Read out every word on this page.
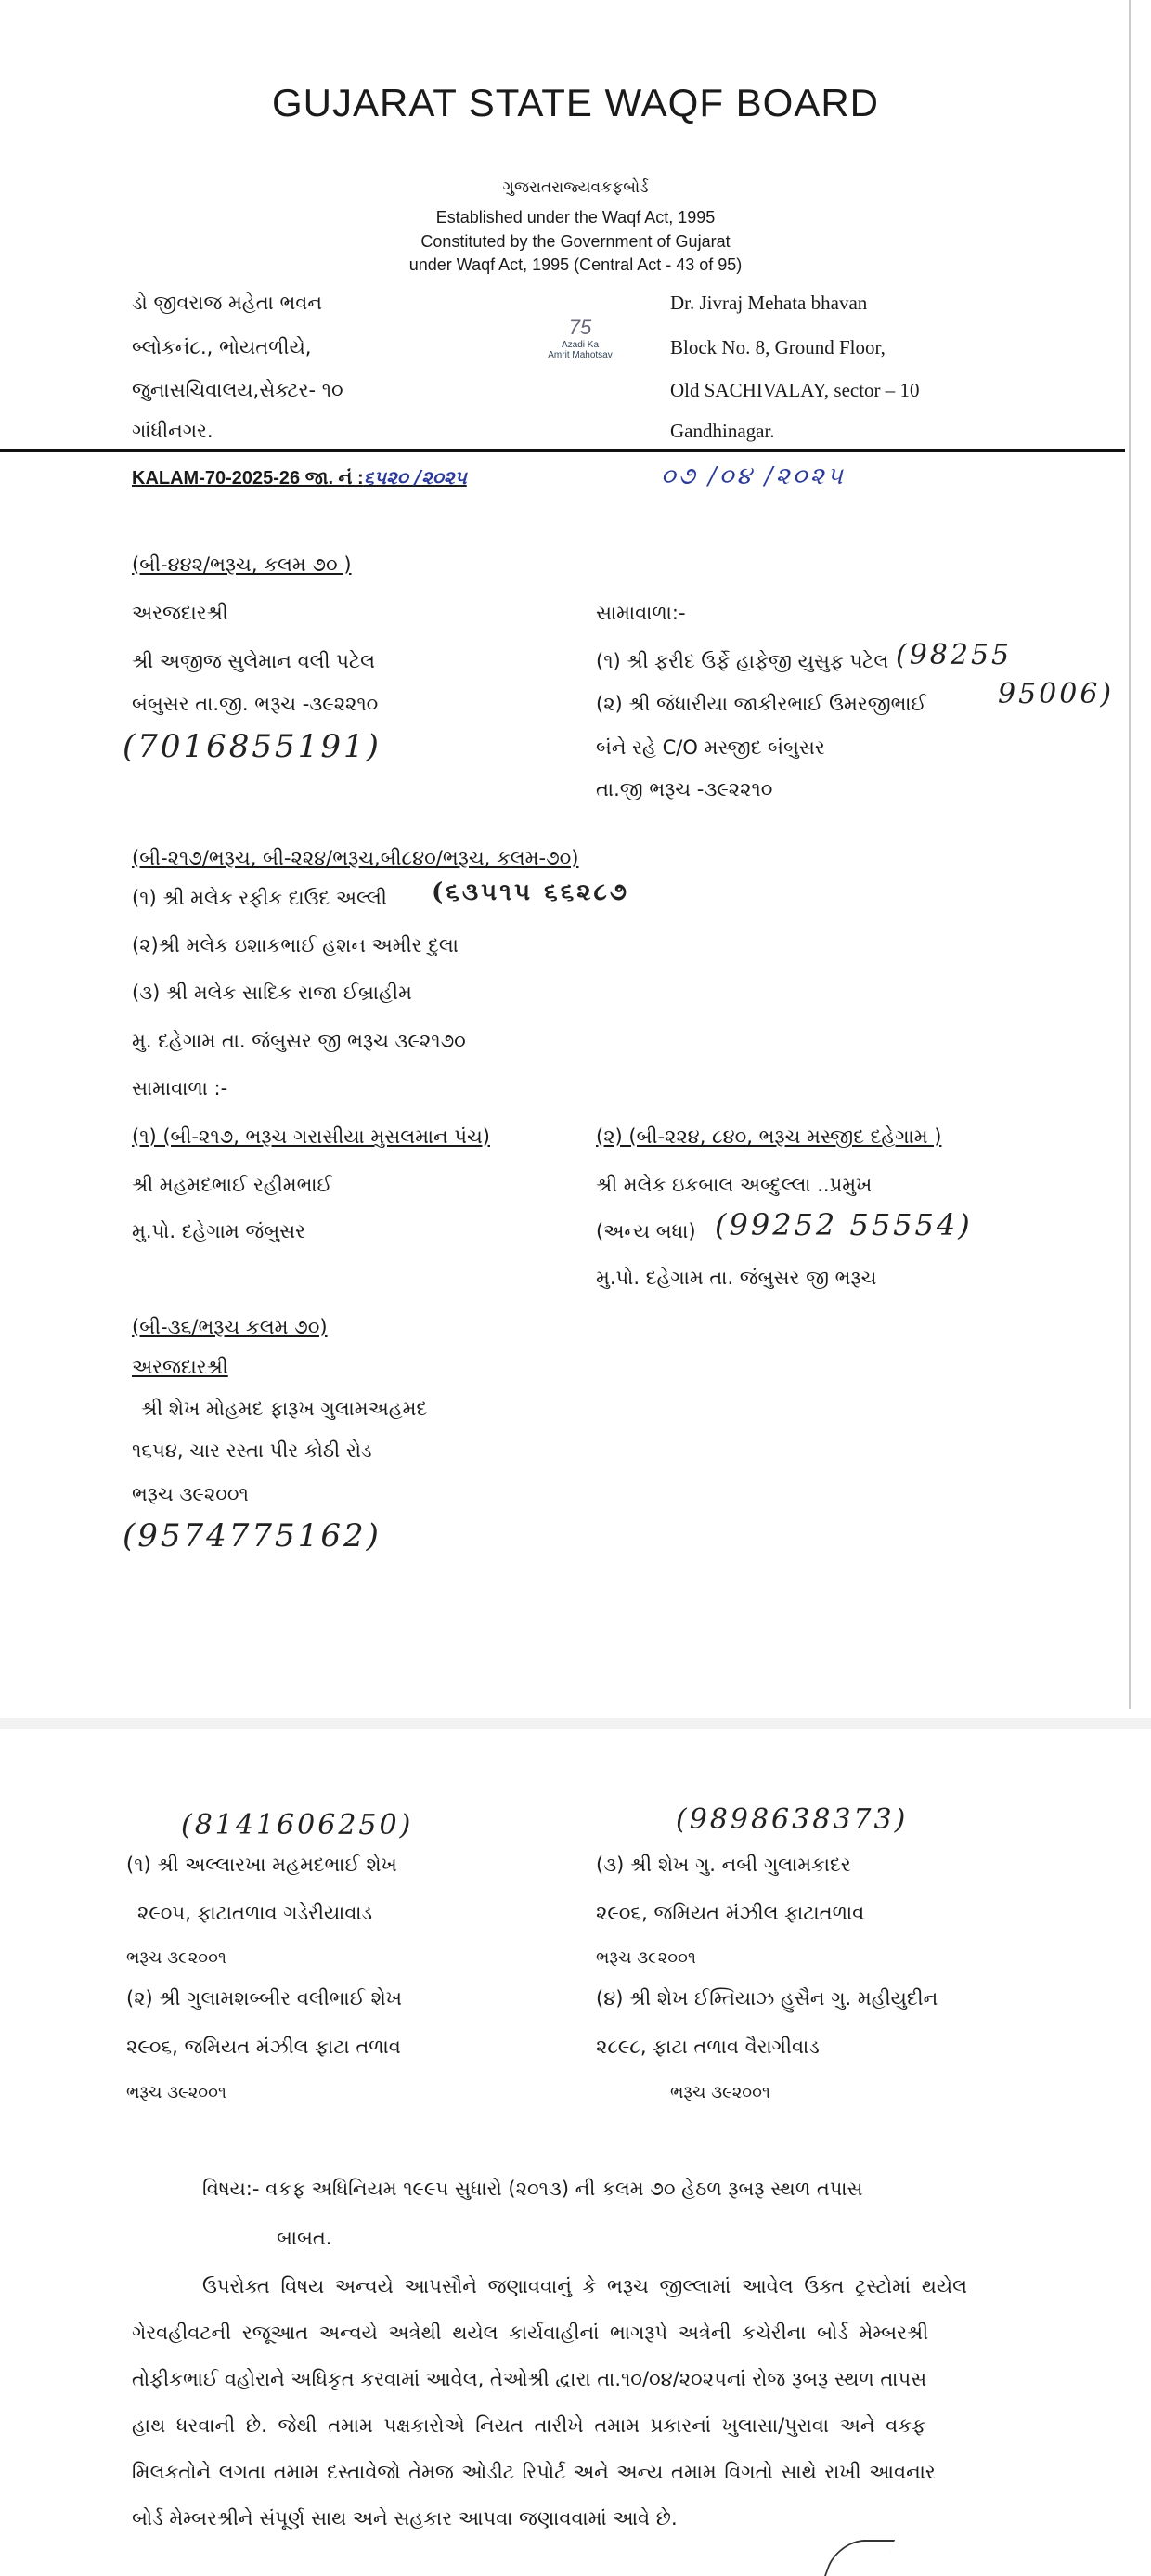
GUJARAT STATE WAQF BOARD
ગુજરાતરાજ્યવકફબોર્ડ
Established under the Waqf Act, 1995
Constituted by the Government of Gujarat
under Waqf Act, 1995 (Central Act - 43 of 95)
ડો જીવરાજ મહેતા ભવન
બ્લોકનં૮., ભોયતળીયે,
જુનાસચિવાલય,સેક્ટર- ૧૦
ગાંધીનગર.
75
Azadi Ka
Amrit Mahotsav
Dr. Jivraj Mehata bhavan
Block No. 8, Ground Floor,
Old SACHIVALAY, sector – 10
Gandhinagar.
KALAM-70-2025-26 જા. નં :૬૫૨૦ /૨૦૨૫	૦૭ /૦૪ /૨૦૨૫
(બી-૪૪૨/ભરૂચ, કલમ ૭૦ )
અરજદારશ્રી
શ્રી અજીજ સુલેમાન વલી પટેલ
બંબુસર તા.જી. ભરૂચ -૩૯૨૨૧૦
(7016855191)
સામાવાળા:-
(૧) શ્રી ફરીદ ઉર્ફે હાફેજી યુસુફ પટેલ (98255
(૨) શ્રી જંધારીયા જાકીરભાઈ ઉમરજીભાઈ	95006)
બંને રહે C/O મસ્જીદ બંબુસર
તા.જી ભરૂચ -૩૯૨૨૧૦
(બી-૨૧૭/ભરૂચ, બી-૨૨૪/ભરૂચ,બી૮૪૦/ભરૂચ, કલમ-૭૦)
(૧) શ્રી મલેક રફીક દાઉદ અલ્લી (૬૩૫૧૫ ૬૬૨૮૭
(૨)શ્રી મલેક ઇશાકભાઈ હશન અમીર દુલા
(૩) શ્રી મલેક સાદિક રાજા ઈબ્રાહીમ
મુ. દહેગામ તા. જંબુસર જી ભરૂચ ૩૯૨૧૭૦
સામાવાળા :-
(૧) (બી-૨૧૭, ભરૂચ ગરાસીયા મુસલમાન પંચ)
શ્રી મહમદભાઈ રહીમભાઈ
મુ.પો. દહેગામ જંબુસર
(૨) (બી-૨૨૪, ૮૪૦, ભરૂચ મસ્જીદ દહેગામ )
શ્રી મલેક ઇકબાલ અબ્દુલ્લા ..પ્રમુખ
(અન્ય બધા) (99252 55554)
મુ.પો. દહેગામ તા. જંબુસર જી ભરૂચ
(બી-૩૬/ભરૂચ કલમ ૭૦)
અરજદારશ્રી
શ્રી શેખ મોહમદ ફારૂખ ગુલામઅહમદ
૧૬૫૪, ચાર રસ્તા પીર કોઠી રોડ
ભરૂચ ૩૯૨૦૦૧
(9574775162)
(8141606250)	(9898638373)
(૧) શ્રી અલ્લારખા મહમદભાઈ શેખ
૨૯૦૫, ફાટાતળાવ ગડેરીયાવાડ
ભરૂચ ૩૯૨૦૦૧
(૨) શ્રી ગુલામશબ્બીર વલીભાઈ શેખ
૨૯૦૬, જમિયત મંઝીલ ફાટા તળાવ
ભરૂચ ૩૯૨૦૦૧
(૩) શ્રી શેખ ગુ. નબી ગુલામકાદર
૨૯૦૬, જમિયત મંઝીલ ફાટાતળાવ
ભરૂચ ૩૯૨૦૦૧
(૪) શ્રી શેખ ઈમ્તિયાઝ હુસૈન ગુ. મહીયુદીન
૨૮૯૮, ફાટા તળાવ વૈરાગીવાડ
ભરૂચ ૩૯૨૦૦૧
વિષય:- વકફ અધિનિયમ ૧૯૯૫ સુધારો (૨૦૧૩) ની કલમ ૭૦ હેઠળ રૂબરૂ સ્થળ તપાસ
બાબત.
ઉપરોક્ત વિષય અન્વયે આપસૌને જણાવવાનું કે ભરૂચ જીલ્લામાં આવેલ ઉક્ત ટ્રસ્ટોમાં થયેલ
ગેરવહીવટની રજૂઆત અન્વયે અત્રેથી થયેલ કાર્યવાહીનાં ભાગરૂપે અત્રેની કચેરીના બોર્ડ મેમ્બરશ્રી
તોફીકભાઈ વહોરાને અધિકૃત કરવામાં આવેલ, તેઓશ્રી દ્વારા તા.૧૦/૦૪/૨૦૨૫નાં રોજ રૂબરૂ સ્થળ તાપસ
હાથ ધરવાની છે. જેથી તમામ પક્ષકારોએ નિયત તારીખે તમામ પ્રકારનાં ખુલાસા/પુરાવા અને વકફ
મિલકતોને લગતા તમામ દસ્તાવેજો તેમજ ઓડીટ રિપોર્ટ અને અન્ય તમામ વિગતો સાથે રાખી આવનાર
બોર્ડ મેમ્બરશ્રીને સંપૂર્ણ સાથ અને સહકાર આપવા જણાવવામાં આવે છે.
